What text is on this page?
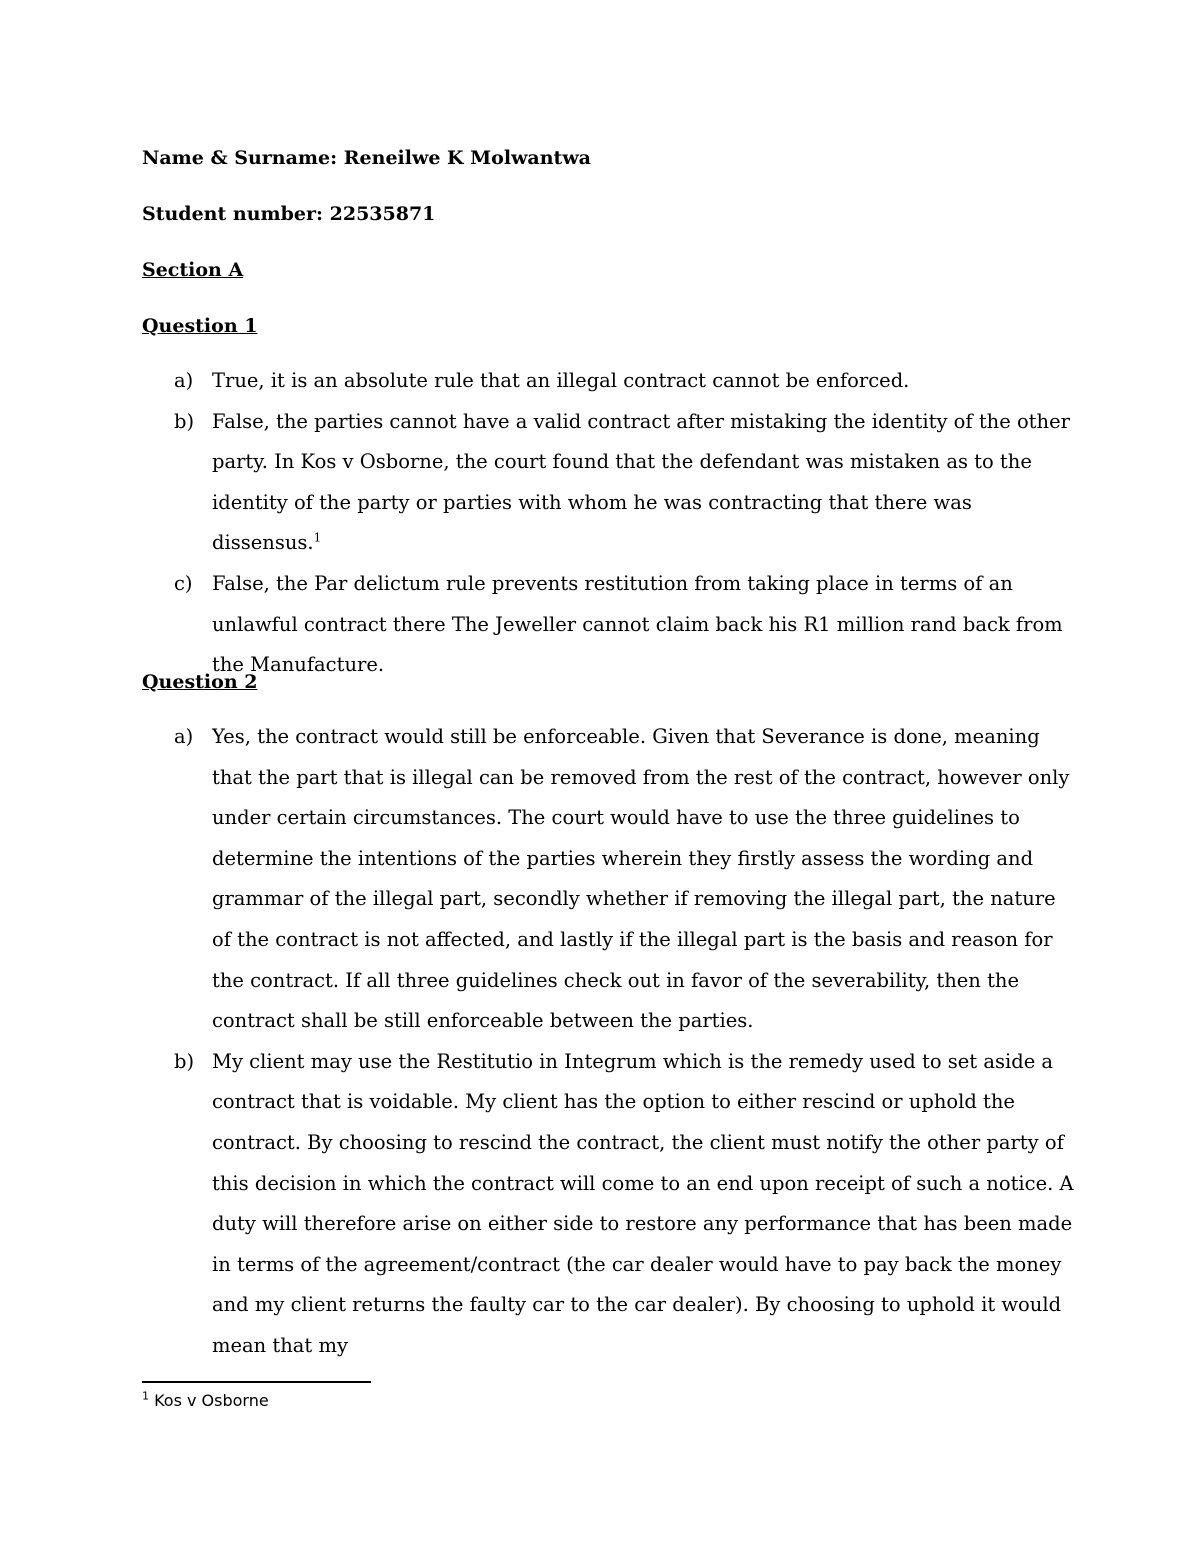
Name & Surname: Reneilwe K Molwantwa
Student number: 22535871
Section A
Question 1
a) True, it is an absolute rule that an illegal contract cannot be enforced.
b) False, the parties cannot have a valid contract after mistaking the identity of the other party. In Kos v Osborne, the court found that the defendant was mistaken as to the identity of the party or parties with whom he was contracting that there was dissensus.$^1$
c) False, the Par delictum rule prevents restitution from taking place in terms of an unlawful contract there The Jeweller cannot claim back his R1 million rand back from the Manufacture.
Question 2
a) Yes, the contract would still be enforceable. Given that Severance is done, meaning that the part that is illegal can be removed from the rest of the contract, however only under certain circumstances. The court would have to use the three guidelines to determine the intentions of the parties wherein they firstly assess the wording and grammar of the illegal part, secondly whether if removing the illegal part, the nature of the contract is not affected, and lastly if the illegal part is the basis and reason for the contract. If all three guidelines check out in favor of the severability, then the contract shall be still enforceable between the parties.
b) My client may use the Restitutio in Integrum which is the remedy used to set aside a contract that is voidable. My client has the option to either rescind or uphold the contract. By choosing to rescind the contract, the client must notify the other party of this decision in which the contract will come to an end upon receipt of such a notice. A duty will therefore arise on either side to restore any performance that has been made in terms of the agreement/contract (the car dealer would have to pay back the money and my client returns the faulty car to the car dealer). By choosing to uphold it would mean that my
$^1$ Kos v Osborne
